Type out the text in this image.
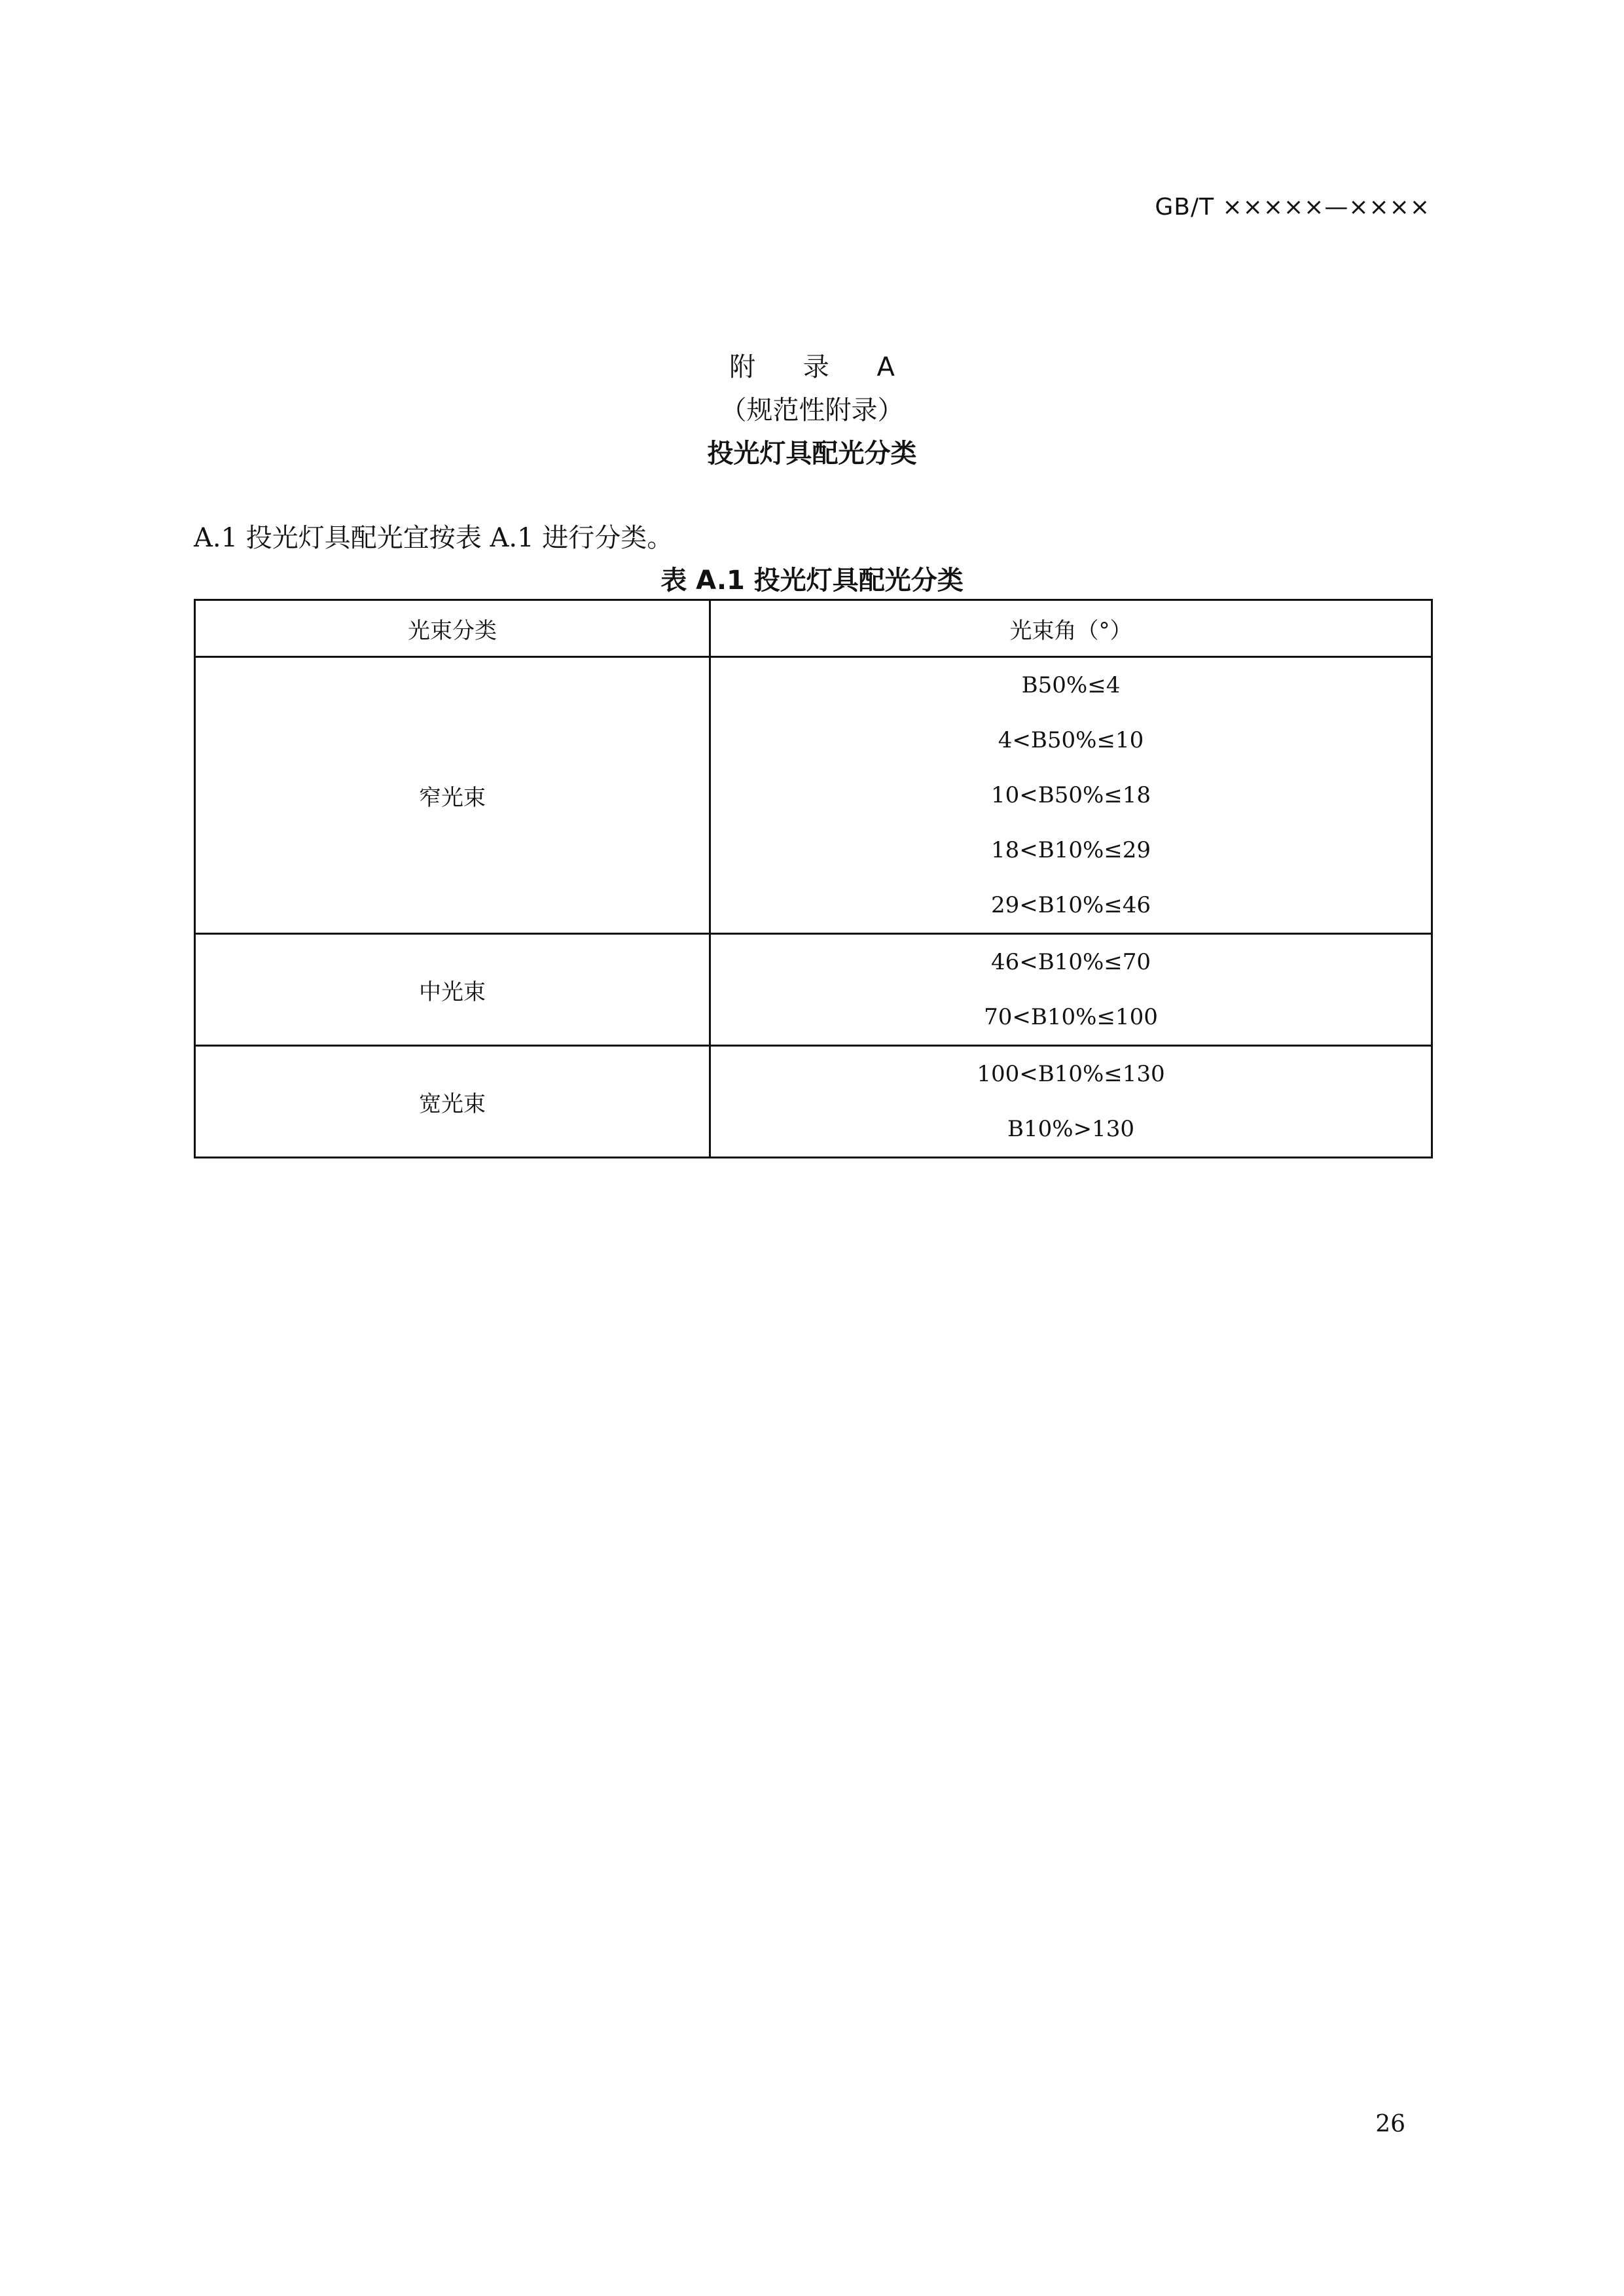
GB/T ×××××—××××
附 录 A
（规范性附录）
投光灯具配光分类
A.1 投光灯具配光宜按表 A.1 进行分类。
表 A.1 投光灯具配光分类
光束分类	光束角（°）
窄光束	B50%≤4
4<B50%≤10
10<B50%≤18
18<B10%≤29
29<B10%≤46

中光束	46<B10%≤70
70<B10%≤100

宽光束	100<B10%≤130
B10%>130
26
